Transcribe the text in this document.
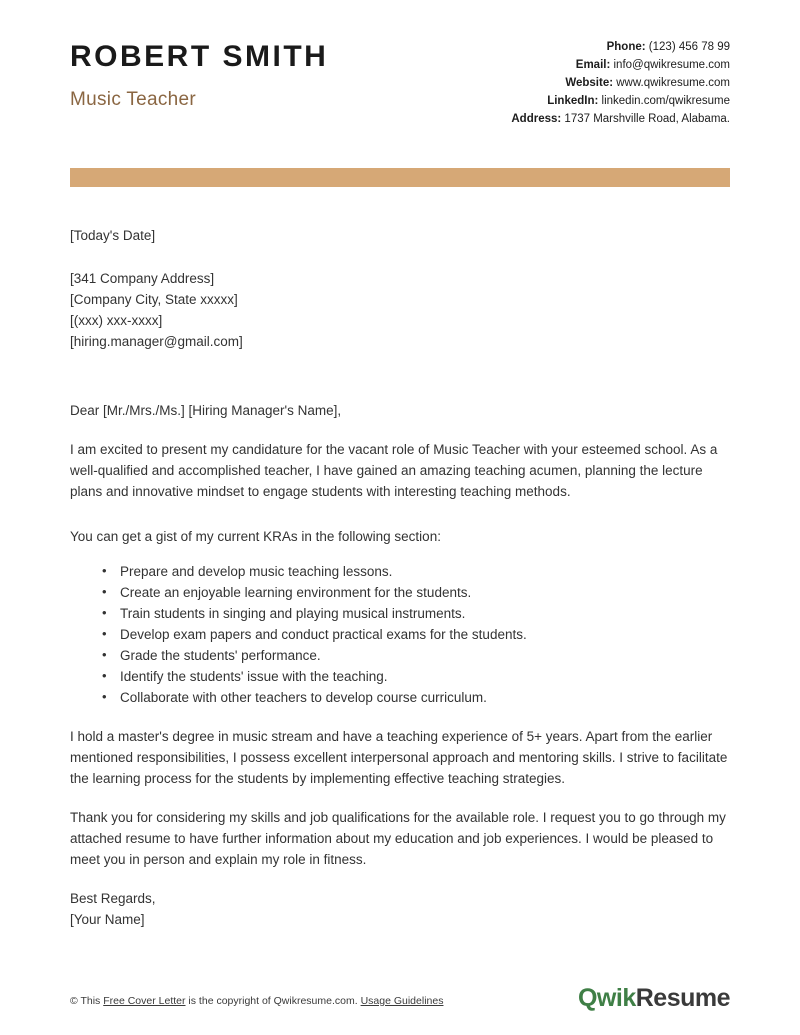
ROBERT SMITH
Music Teacher
Phone: (123) 456 78 99
Email: info@qwikresume.com
Website: www.qwikresume.com
LinkedIn: linkedin.com/qwikresume
Address: 1737 Marshville Road, Alabama.
[Today's Date]
[341 Company Address]
[Company City, State xxxxx]
[(xxx) xxx-xxxx]
[hiring.manager@gmail.com]
Dear [Mr./Mrs./Ms.] [Hiring Manager's Name],

I am excited to present my candidature for the vacant role of Music Teacher with your esteemed school. As a well-qualified and accomplished teacher, I have gained an amazing teaching acumen, planning the lecture plans and innovative mindset to engage students with interesting teaching methods.

You can get a gist of my current KRAs in the following section:

• Prepare and develop music teaching lessons.
• Create an enjoyable learning environment for the students.
• Train students in singing and playing musical instruments.
• Develop exam papers and conduct practical exams for the students.
• Grade the students' performance.
• Identify the students' issue with the teaching.
• Collaborate with other teachers to develop course curriculum.

I hold a master's degree in music stream and have a teaching experience of 5+ years. Apart from the earlier mentioned responsibilities, I possess excellent interpersonal approach and mentoring skills. I strive to facilitate the learning process for the students by implementing effective teaching strategies.

Thank you for considering my skills and job qualifications for the available role. I request you to go through my attached resume to have further information about my education and job experiences. I would be pleased to meet you in person and explain my role in fitness.

Best Regards,
[Your Name]
© This Free Cover Letter is the copyright of Qwikresume.com. Usage Guidelines	QwikResume
